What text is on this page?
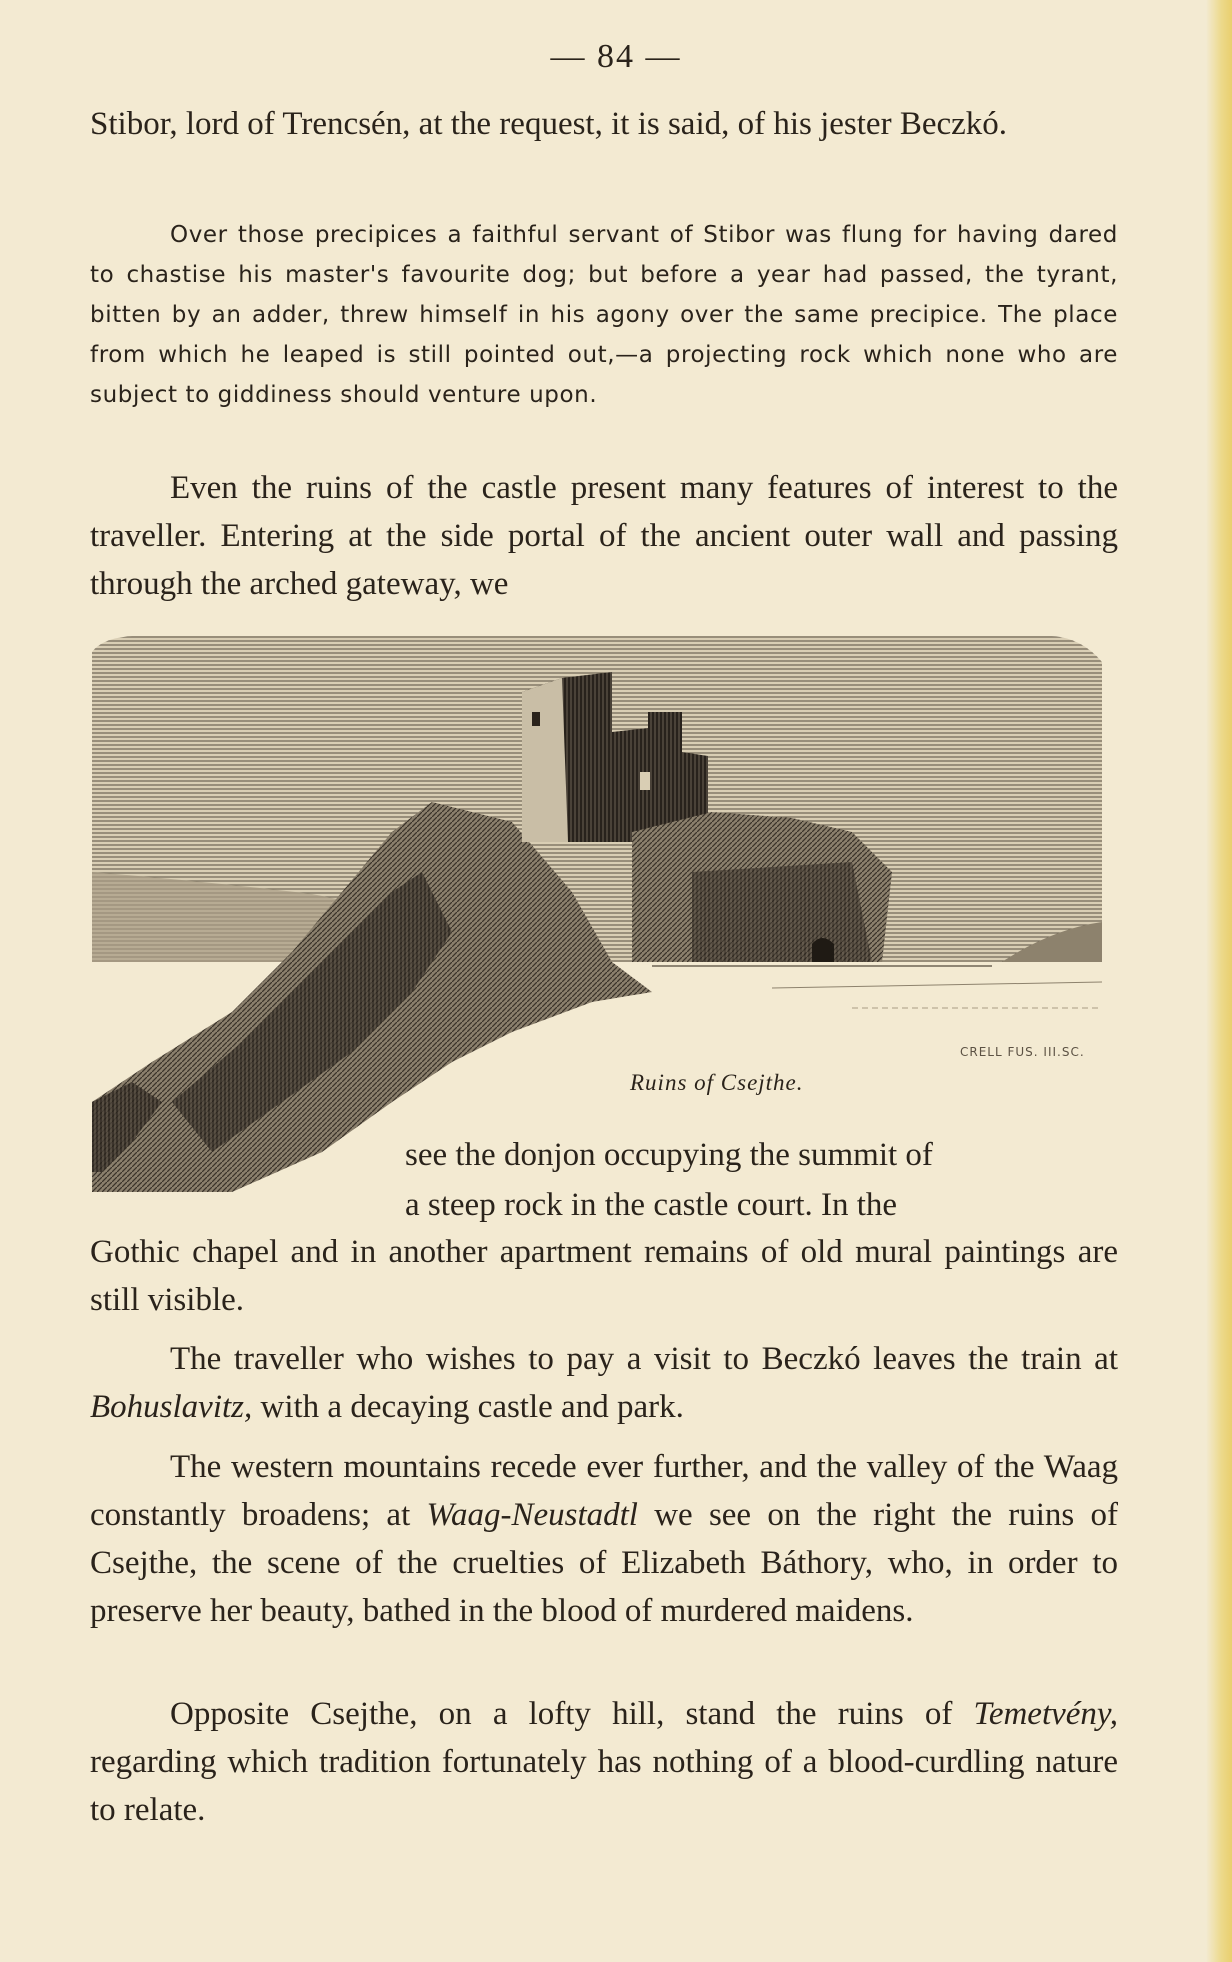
— 84 —

Stibor, lord of Trencsén, at the request, it is said, of his jester Beczkó.

Over those precipices a faithful servant of Stibor was flung for having dared to chastise his master's favourite dog; but before a year had passed, the tyrant, bitten by an adder, threw himself in his agony over the same precipice. The place from which he leaped is still pointed out,—a projecting rock which none who are subject to giddiness should venture upon.

Even the ruins of the castle present many features of interest to the traveller. Entering at the side portal of the ancient outer wall and passing through the arched gateway, we

CRELL FUS. III.SC.
Ruins of Csejthe.
see the donjon occupying the summit of
a steep rock in the castle court. In the

Gothic chapel and in another apartment remains of old mural paintings are still visible.

The traveller who wishes to pay a visit to Beczkó leaves the train at Bohuslavitz, with a decaying castle and park.

The western mountains recede ever further, and the valley of the Waag constantly broadens; at Waag-Neustadtl we see on the right the ruins of Csejthe, the scene of the cruelties of Elizabeth Báthory, who, in order to preserve her beauty, bathed in the blood of murdered maidens.

Opposite Csejthe, on a lofty hill, stand the ruins of Temetvény, regarding which tradition fortunately has nothing of a blood-curdling nature to relate.
